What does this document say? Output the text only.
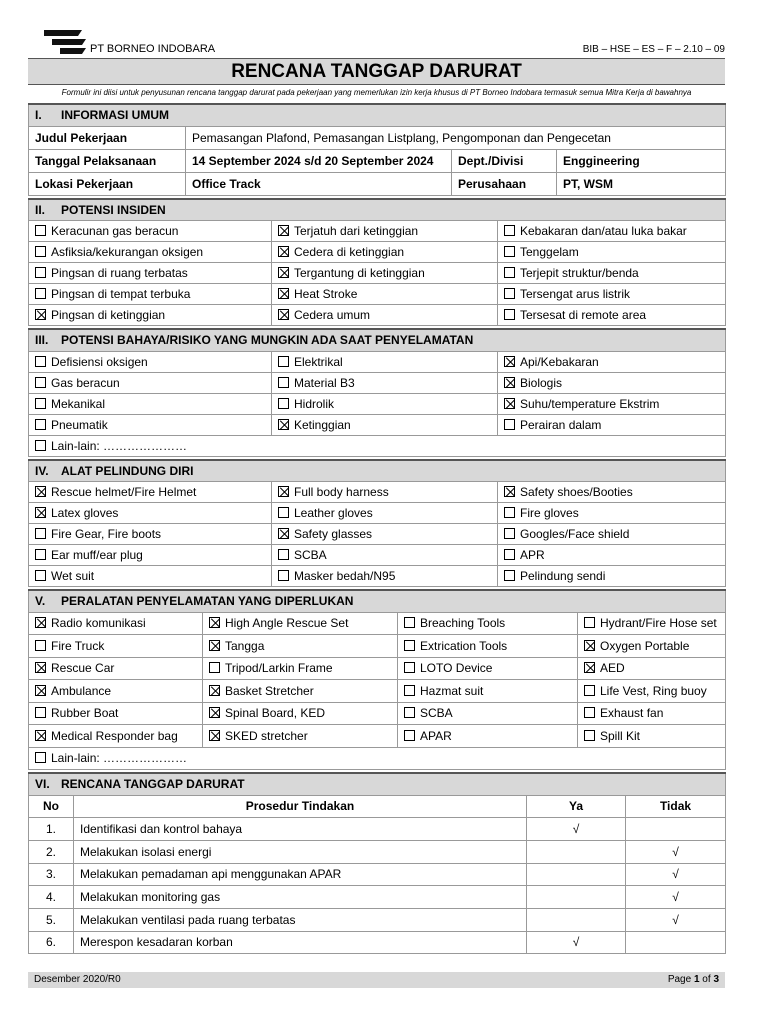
PT BORNEO INDOBARA	BIB – HSE – ES – F – 2.10 – 09
RENCANA TANGGAP DARURAT
Formulir ini diisi untuk penyusunan rencana tanggap darurat pada pekerjaan yang memerlukan izin kerja khusus di PT Borneo Indobara termasuk semua Mitra Kerja di bawahnya
I. INFORMASI UMUM			
Judul Pekerjaan	Pemasangan Plafond, Pemasangan Listplang, Pengomponan dan Pengecetan		
Tanggal Pelaksanaan	14 September 2024 s/d 20 September 2024	Dept./Divisi	Enggineering
Lokasi Pekerjaan	Office Track	Perusahaan	PT, WSM
II. POTENSI INSIDEN		
Keracunan gas beracun	Terjatuh dari ketinggian	Kebakaran dan/atau luka bakar
Asfiksia/kekurangan oksigen	Cedera di ketinggian	Tenggelam
Pingsan di ruang terbatas	Tergantung di ketinggian	Terjepit struktur/benda
Pingsan di tempat terbuka	Heat Stroke	Tersengat arus listrik
Pingsan di ketinggian	Cedera umum	Tersesat di remote area
III. POTENSI BAHAYA/RISIKO YANG MUNGKIN ADA SAAT PENYELAMATAN		
Defisiensi oksigen	Elektrikal	Api/Kebakaran
Gas beracun	Material B3	Biologis
Mekanikal	Hidrolik	Suhu/temperature Ekstrim
Pneumatik	Ketinggian	Perairan dalam
Lain-lain: …………………		
IV. ALAT PELINDUNG DIRI		
Rescue helmet/Fire Helmet	Full body harness	Safety shoes/Booties
Latex gloves	Leather gloves	Fire gloves
Fire Gear, Fire boots	Safety glasses	Googles/Face shield
Ear muff/ear plug	SCBA	APR
Wet suit	Masker bedah/N95	Pelindung sendi
V. PERALATAN PENYELAMATAN YANG DIPERLUKAN			
Radio komunikasi	High Angle Rescue Set	Breaching Tools	Hydrant/Fire Hose set
Fire Truck	Tangga	Extrication Tools	Oxygen Portable
Rescue Car	Tripod/Larkin Frame	LOTO Device	AED
Ambulance	Basket Stretcher	Hazmat suit	Life Vest, Ring buoy
Rubber Boat	Spinal Board, KED	SCBA	Exhaust fan
Medical Responder bag	SKED stretcher	APAR	Spill Kit
Lain-lain: …………………			
VI. RENCANA TANGGAP DARURAT			
No	Prosedur Tindakan	Ya	Tidak
1.	Identifikasi dan kontrol bahaya	√	
2.	Melakukan isolasi energi		√
3.	Melakukan pemadaman api menggunakan APAR		√
4.	Melakukan monitoring gas		√
5.	Melakukan ventilasi pada ruang terbatas		√
6.	Merespon kesadaran korban	√	
Desember 2020/R0	Page 1 of 3
